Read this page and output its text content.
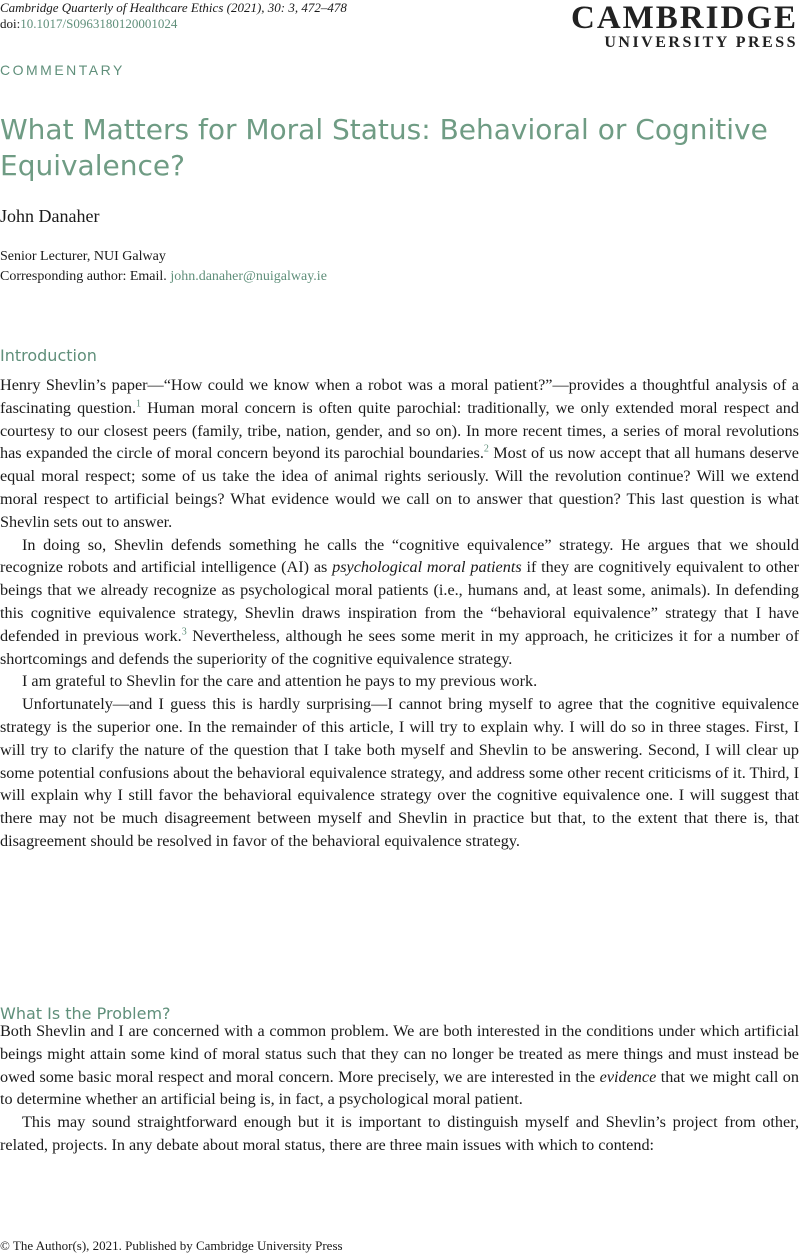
Cambridge Quarterly of Healthcare Ethics (2021), 30: 3, 472–478
doi:10.1017/S0963180120001024	CAMBRIDGE
UNIVERSITY PRESS
COMMENTARY
What Matters for Moral Status: Behavioral or Cognitive Equivalence?
John Danaher
Senior Lecturer, NUI Galway
Corresponding author: Email. john.danaher@nuigalway.ie
Introduction

Henry Shevlin’s paper—“How could we know when a robot was a moral patient?”—provides a thoughtful analysis of a fascinating question.$^1$ Human moral concern is often quite parochial: traditionally, we only extended moral respect and courtesy to our closest peers (family, tribe, nation, gender, and so on). In more recent times, a series of moral revolutions has expanded the circle of moral concern beyond its parochial boundaries.$^2$ Most of us now accept that all humans deserve equal moral respect; some of us take the idea of animal rights seriously. Will the revolution continue? Will we extend moral respect to artificial beings? What evidence would we call on to answer that question? This last question is what Shevlin sets out to answer.

In doing so, Shevlin defends something he calls the “cognitive equivalence” strategy. He argues that we should recognize robots and artificial intelligence (AI) as psychological moral patients if they are cognitively equivalent to other beings that we already recognize as psychological moral patients (i.e., humans and, at least some, animals). In defending this cognitive equivalence strategy, Shevlin draws inspiration from the “behavioral equivalence” strategy that I have defended in previous work.$^3$ Nevertheless, although he sees some merit in my approach, he criticizes it for a number of shortcomings and defends the superiority of the cognitive equivalence strategy.

I am grateful to Shevlin for the care and attention he pays to my previous work.

Unfortunately—and I guess this is hardly surprising—I cannot bring myself to agree that the cognitive equivalence strategy is the superior one. In the remainder of this article, I will try to explain why. I will do so in three stages. First, I will try to clarify the nature of the question that I take both myself and Shevlin to be answering. Second, I will clear up some potential confusions about the behavioral equivalence strategy, and address some other recent criticisms of it. Third, I will explain why I still favor the behavioral equivalence strategy over the cognitive equivalence one. I will suggest that there may not be much disagreement between myself and Shevlin in practice but that, to the extent that there is, that disagreement should be resolved in favor of the behavioral equivalence strategy.

What Is the Problem?

Both Shevlin and I are concerned with a common problem. We are both interested in the conditions under which artificial beings might attain some kind of moral status such that they can no longer be treated as mere things and must instead be owed some basic moral respect and moral concern. More precisely, we are interested in the evidence that we might call on to determine whether an artificial being is, in fact, a psychological moral patient.

This may sound straightforward enough but it is important to distinguish myself and Shevlin’s project from other, related, projects. In any debate about moral status, there are three main issues with which to contend:

© The Author(s), 2021. Published by Cambridge University Press
